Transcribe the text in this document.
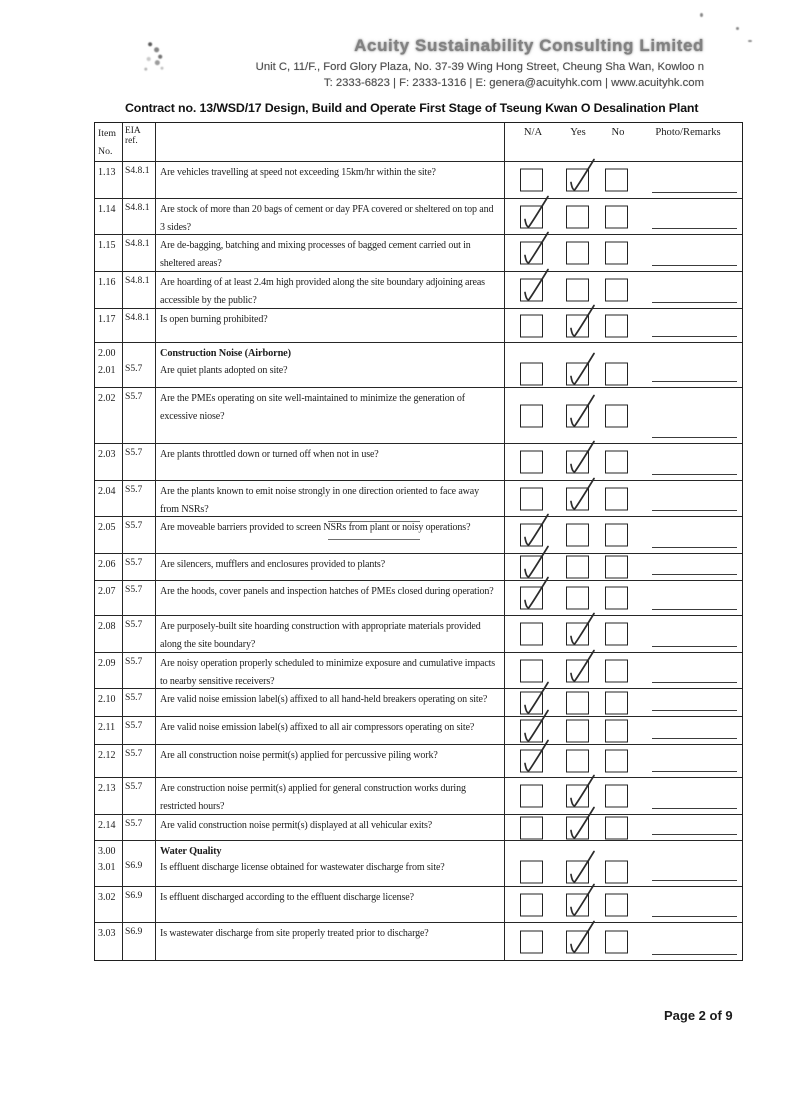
Acuity Sustainability Consulting Limited
Unit C, 11/F., Ford Glory Plaza, No. 37-39 Wing Hong Street, Cheung Sha Wan, Kowloo n
T: 2333-6823 | F: 2333-1316 | E: genera@acuityhk.com | www.acuityhk.com
Contract no. 13/WSD/17 Design, Build and Operate First Stage of Tseung Kwan O Desalination Plant
Item No.
EIA ref.
N/A	Yes No	Photo/Remarks
1.13 S4.8.1	Are vehicles travelling at speed not exceeding 15km/hr within the site?
1.14 S4.8.1	Are stock of more than 20 bags of cement or day PFA covered or sheltered on top and 3 sides?
1.15 S4.8.1	Are de-bagging, batching and mixing processes of bagged cement carried out in sheltered areas?
1.16 S4.8.1	Are hoarding of at least 2.4m high provided along the site boundary adjoining areas accessible by the public?
1.17 S4.8.1	Is open burning prohibited?
2.00	Construction Noise (Airborne)
2.01 S5.7	Are quiet plants adopted on site?
2.02 S5.7	Are the PMEs operating on site well-maintained to minimize the generation of excessive niose?
2.03 S5.7	Are plants throttled down or turned off when not in use?
2.04 S5.7	Are the plants known to emit noise strongly in one direction oriented to face away from NSRs?
2.05 S5.7	Are moveable barriers provided to screen NSRs from plant or noisy operations?
2.06 S5.7	Are silencers, mufflers and enclosures provided to plants?
2.07 S5.7	Are the hoods, cover panels and inspection hatches of PMEs closed during operation?
2.08 S5.7	Are purposely-built site hoarding construction with appropriate materials provided along the site boundary?
2.09 S5.7	Are noisy operation properly scheduled to minimize exposure and cumulative impacts to nearby sensitive receivers?
2.10 S5.7	Are valid noise emission label(s) affixed to all hand-held breakers operating on site?
2.11	S5.7	Are valid noise emission label(s) affixed to all air compressors operating on site?
2.12 S5.7	Are all construction noise permit(s) applied for percussive piling work?
2.13 S5.7	Are construction noise permit(s) applied for general construction works during restricted hours?
2.14 S5.7	Are valid construction noise permit(s) displayed at all vehicular exits?
3.00	Water Quality
3.01 S6.9	Is effluent discharge license obtained for wastewater discharge from site?
3.02 S6.9	Is effluent discharged according to the effluent discharge license?
3.03 S6.9	Is wastewater discharge from site properly treated prior to discharge?
Page 2 of 9
